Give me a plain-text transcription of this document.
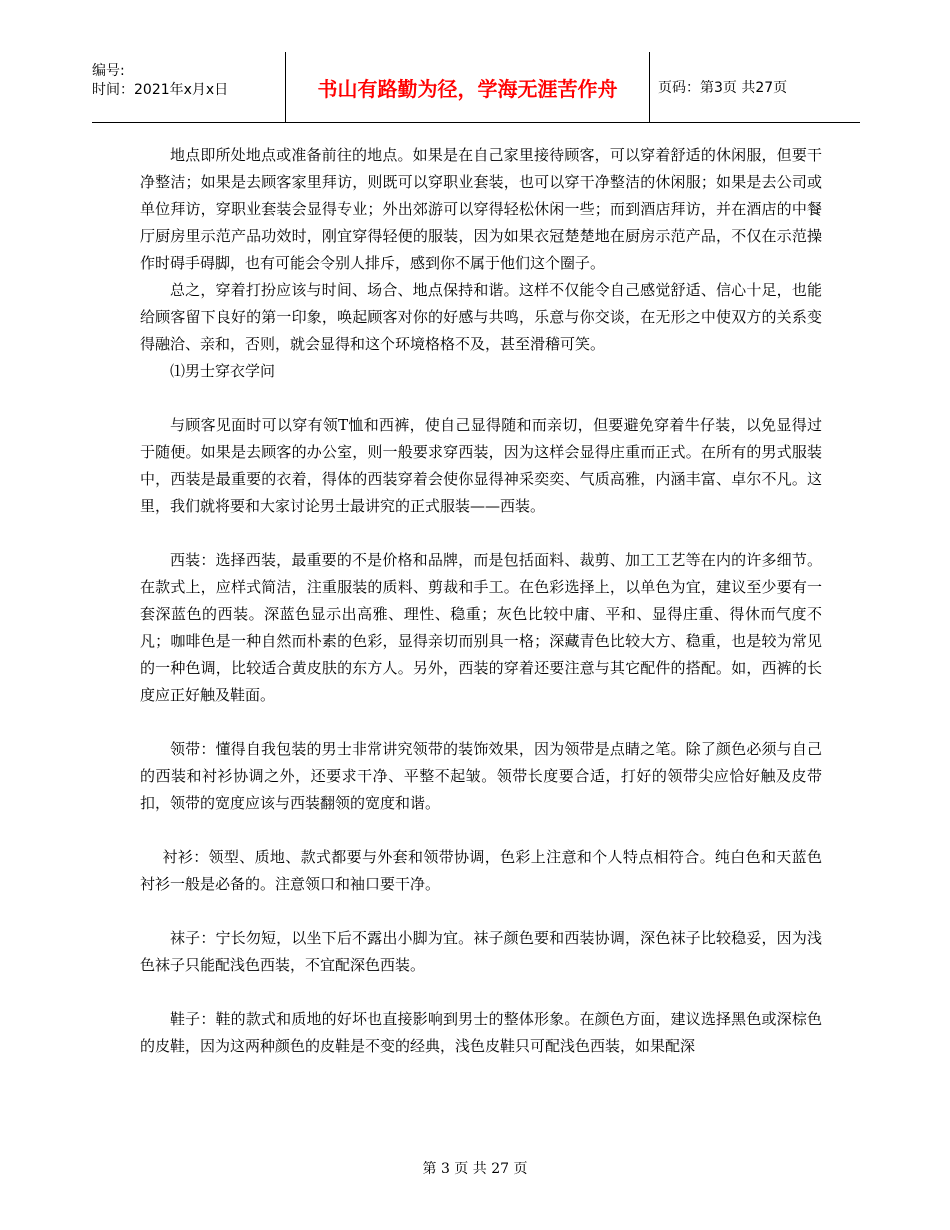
编号:
时间：2021年x月x日	书山有路勤为径，学海无涯苦作舟	页码：第3页 共27页

地点即所处地点或准备前往的地点。如果是在自己家里接待顾客，可以穿着舒适的休闲服，但要干净整洁；如果是去顾客家里拜访，则既可以穿职业套装，也可以穿干净整洁的休闲服；如果是去公司或单位拜访，穿职业套装会显得专业；外出郊游可以穿得轻松休闲一些；而到酒店拜访，并在酒店的中餐厅厨房里示范产品功效时，刚宜穿得轻便的服装，因为如果衣冠楚楚地在厨房示范产品，不仅在示范操作时碍手碍脚，也有可能会令别人排斥，感到你不属于他们这个圈子。

总之，穿着打扮应该与时间、场合、地点保持和谐。这样不仅能令自己感觉舒适、信心十足，也能给顾客留下良好的第一印象，唤起顾客对你的好感与共鸣，乐意与你交谈，在无形之中使双方的关系变得融洽、亲和，否则，就会显得和这个环境格格不及，甚至滑稽可笑。

⑴男士穿衣学问

与顾客见面时可以穿有领T恤和西裤，使自己显得随和而亲切，但要避免穿着牛仔装，以免显得过于随便。如果是去顾客的办公室，则一般要求穿西装，因为这样会显得庄重而正式。在所有的男式服装中，西装是最重要的衣着，得体的西装穿着会使你显得神采奕奕、气质高雅，内涵丰富、卓尔不凡。这里，我们就将要和大家讨论男士最讲究的正式服装——西装。

西装：选择西装，最重要的不是价格和品牌，而是包括面料、裁剪、加工工艺等在内的许多细节。在款式上，应样式简洁，注重服装的质料、剪裁和手工。在色彩选择上，以单色为宜，建议至少要有一套深蓝色的西装。深蓝色显示出高雅、理性、稳重；灰色比较中庸、平和、显得庄重、得休而气度不凡；咖啡色是一种自然而朴素的色彩，显得亲切而别具一格；深藏青色比较大方、稳重，也是较为常见的一种色调，比较适合黄皮肤的东方人。另外，西装的穿着还要注意与其它配件的搭配。如，西裤的长度应正好触及鞋面。

领带：懂得自我包装的男士非常讲究领带的装饰效果，因为领带是点睛之笔。除了颜色必须与自己的西装和衬衫协调之外，还要求干净、平整不起皱。领带长度要合适，打好的领带尖应恰好触及皮带扣，领带的宽度应该与西装翻领的宽度和谐。

衬衫：领型、质地、款式都要与外套和领带协调，色彩上注意和个人特点相符合。纯白色和天蓝色衬衫一般是必备的。注意领口和袖口要干净。

袜子：宁长勿短，以坐下后不露出小脚为宜。袜子颜色要和西装协调，深色袜子比较稳妥，因为浅色袜子只能配浅色西装，不宜配深色西装。

鞋子：鞋的款式和质地的好坏也直接影响到男士的整体形象。在颜色方面，建议选择黑色或深棕色的皮鞋，因为这两种颜色的皮鞋是不变的经典，浅色皮鞋只可配浅色西装，如果配深

第 3 页 共 27 页
